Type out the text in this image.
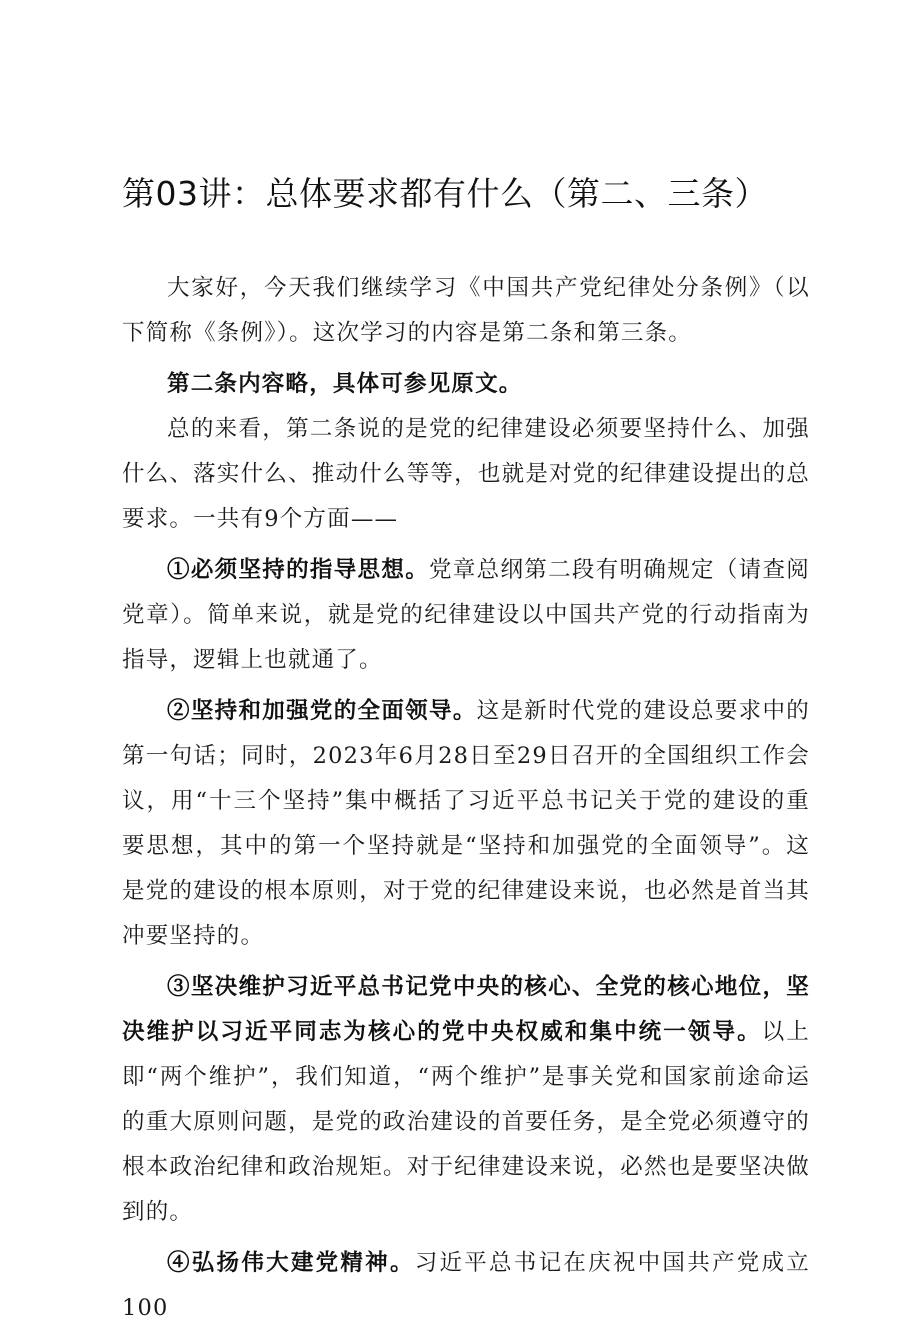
第03讲：总体要求都有什么（第二、三条）

大家好，今天我们继续学习《中国共产党纪律处分条例》（以下简称《条例》）。这次学习的内容是第二条和第三条。

第二条内容略，具体可参见原文。

总的来看，第二条说的是党的纪律建设必须要坚持什么、加强什么、落实什么、推动什么等等，也就是对党的纪律建设提出的总要求。一共有9个方面——

①必须坚持的指导思想。党章总纲第二段有明确规定（请查阅党章）。简单来说，就是党的纪律建设以中国共产党的行动指南为指导，逻辑上也就通了。

②坚持和加强党的全面领导。这是新时代党的建设总要求中的第一句话；同时，2023年6月28日至29日召开的全国组织工作会议，用“十三个坚持”集中概括了习近平总书记关于党的建设的重要思想，其中的第一个坚持就是“坚持和加强党的全面领导”。这是党的建设的根本原则，对于党的纪律建设来说，也必然是首当其冲要坚持的。

③坚决维护习近平总书记党中央的核心、全党的核心地位，坚决维护以习近平同志为核心的党中央权威和集中统一领导。以上即“两个维护”，我们知道，“两个维护”是事关党和国家前途命运的重大原则问题，是党的政治建设的首要任务，是全党必须遵守的根本政治纪律和政治规矩。对于纪律建设来说，必然也是要坚决做到的。

④弘扬伟大建党精神。习近平总书记在庆祝中国共产党成立100
